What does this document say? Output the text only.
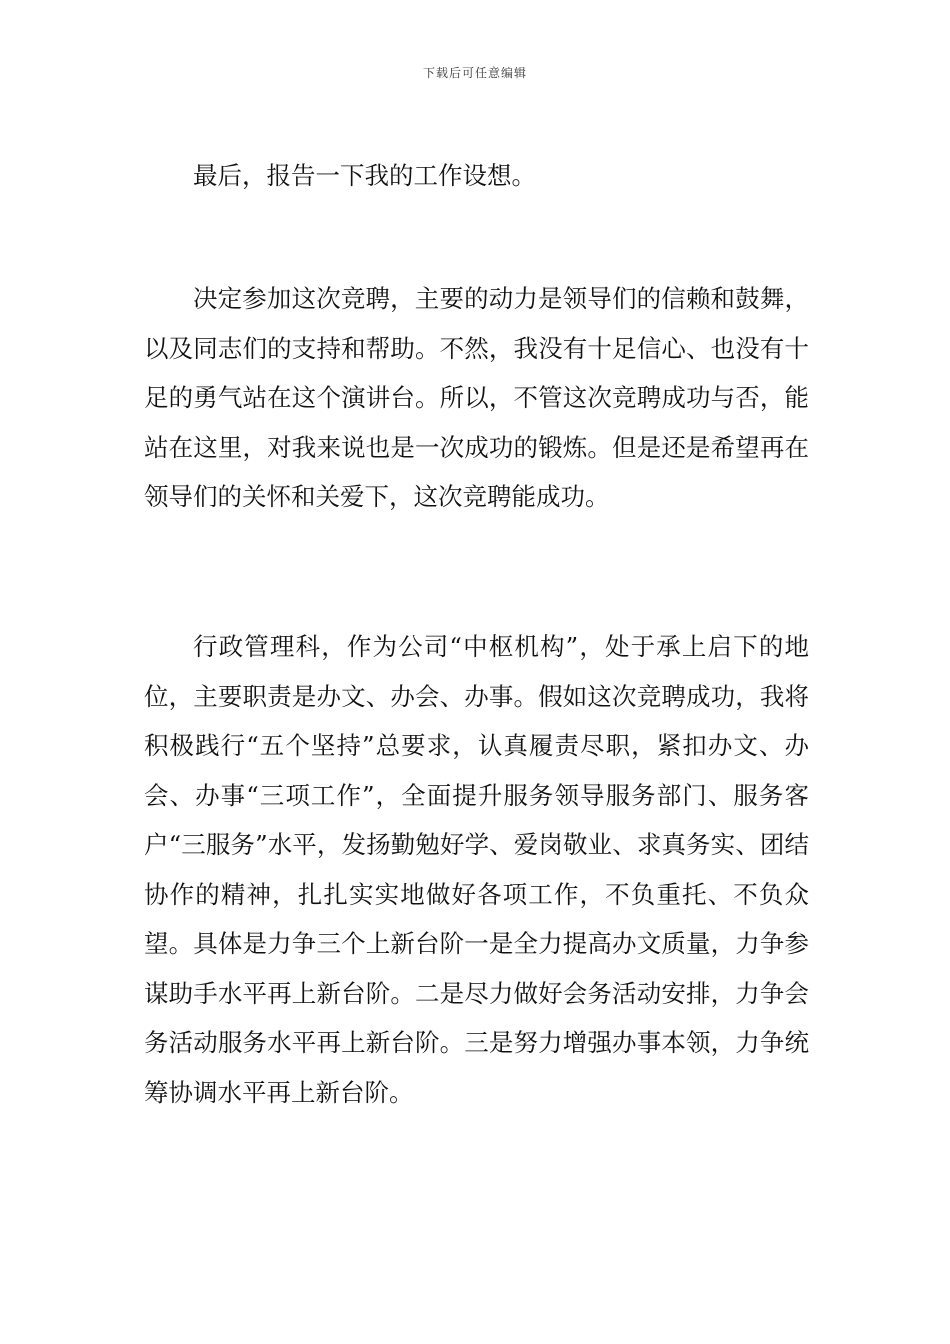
下载后可任意编辑

最后，报告一下我的工作设想。

决定参加这次竞聘，主要的动力是领导们的信赖和鼓舞，以及同志们的支持和帮助。不然，我没有十足信心、也没有十足的勇气站在这个演讲台。所以，不管这次竞聘成功与否，能站在这里，对我来说也是一次成功的锻炼。但是还是希望再在领导们的关怀和关爱下，这次竞聘能成功。

行政管理科，作为公司“中枢机构”，处于承上启下的地位，主要职责是办文、办会、办事。假如这次竞聘成功，我将积极践行“五个坚持”总要求，认真履责尽职，紧扣办文、办会、办事“三项工作”，全面提升服务领导服务部门、服务客户“三服务”水平，发扬勤勉好学、爱岗敬业、求真务实、团结协作的精神，扎扎实实地做好各项工作，不负重托、不负众望。具体是力争三个上新台阶一是全力提高办文质量，力争参谋助手水平再上新台阶。二是尽力做好会务活动安排，力争会务活动服务水平再上新台阶。三是努力增强办事本领，力争统筹协调水平再上新台阶。
